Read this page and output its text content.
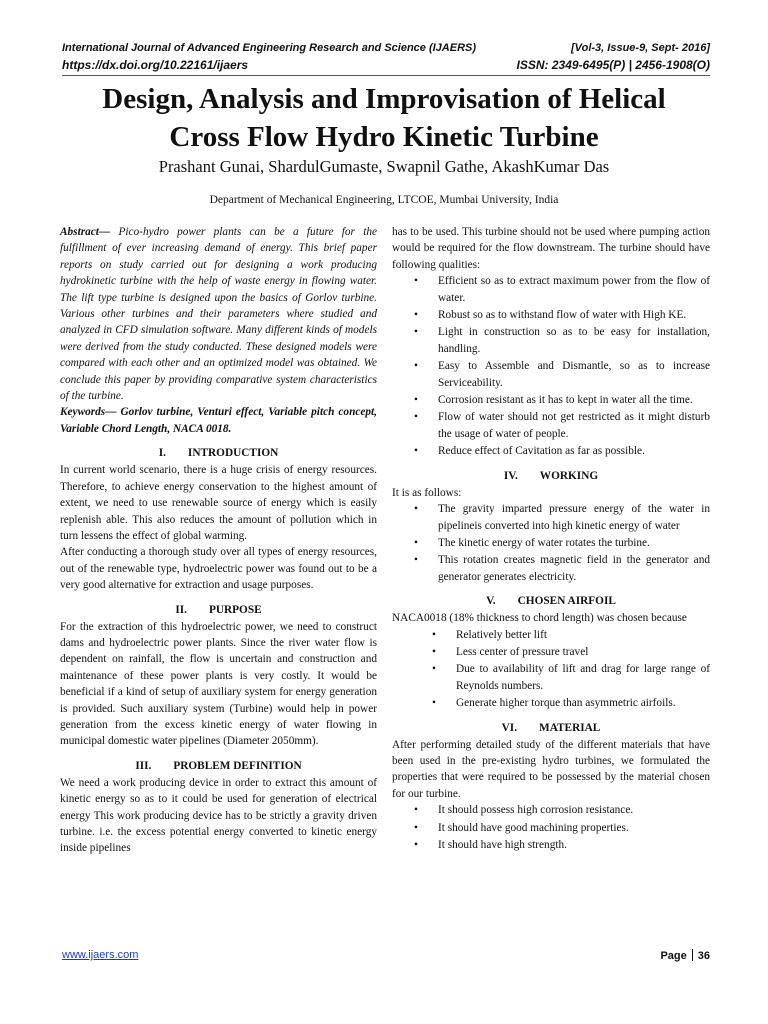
International Journal of Advanced Engineering Research and Science (IJAERS)	[Vol-3, Issue-9, Sept- 2016]
https://dx.doi.org/10.22161/ijaers	ISSN: 2349-6495(P) | 2456-1908(O)
Design, Analysis and Improvisation of Helical
Cross Flow Hydro Kinetic Turbine
Prashant Gunai, ShardulGumaste, Swapnil Gathe, AkashKumar Das
Department of Mechanical Engineering, LTCOE, Mumbai University, India

Abstract— Pico-hydro power plants can be a future for the fulfillment of ever increasing demand of energy. This brief paper reports on study carried out for designing a work producing hydrokinetic turbine with the help of waste energy in flowing water. The lift type turbine is designed upon the basics of Gorlov turbine. Various other turbines and their parameters where studied and analyzed in CFD simulation software. Many different kinds of models were derived from the study conducted. These designed models were compared with each other and an optimized model was obtained. We conclude this paper by providing comparative system characteristics of the turbine.

Keywords— Gorlov turbine, Venturi effect, Variable pitch concept, Variable Chord Length, NACA 0018.

I. INTRODUCTION

In current world scenario, there is a huge crisis of energy resources. Therefore, to achieve energy conservation to the highest amount of extent, we need to use renewable source of energy which is easily replenish able. This also reduces the amount of pollution which in turn lessens the effect of global warming.

After conducting a thorough study over all types of energy resources, out of the renewable type, hydroelectric power was found out to be a very good alternative for extraction and usage purposes.

II. PURPOSE

For the extraction of this hydroelectric power, we need to construct dams and hydroelectric power plants. Since the river water flow is dependent on rainfall, the flow is uncertain and construction and maintenance of these power plants is very costly. It would be beneficial if a kind of setup of auxiliary system for energy generation is provided. Such auxiliary system (Turbine) would help in power generation from the excess kinetic energy of water flowing in municipal domestic water pipelines (Diameter 2050mm).

III. PROBLEM DEFINITION

We need a work producing device in order to extract this amount of kinetic energy so as to it could be used for generation of electrical energy This work producing device has to be strictly a gravity driven turbine. i.e. the excess potential energy converted to kinetic energy inside pipelines

has to be used. This turbine should not be used where pumping action would be required for the flow downstream. The turbine should have following qualities:

• Efficient so as to extract maximum power from the flow of water.
• Robust so as to withstand flow of water with High KE.
• Light in construction so as to be easy for installation, handling.
• Easy to Assemble and Dismantle, so as to increase Serviceability.
• Corrosion resistant as it has to kept in water all the time.
• Flow of water should not get restricted as it might disturb the usage of water of people.
• Reduce effect of Cavitation as far as possible.

IV. WORKING

It is as follows:

• The gravity imparted pressure energy of the water in pipelineis converted into high kinetic energy of water
• The kinetic energy of water rotates the turbine.
• This rotation creates magnetic field in the generator and generator generates electricity.

V. CHOSEN AIRFOIL

NACA0018 (18% thickness to chord length) was chosen because

• Relatively better lift
• Less center of pressure travel
• Due to availability of lift and drag for large range of Reynolds numbers.
• Generate higher torque than asymmetric airfoils.

VI. MATERIAL

After performing detailed study of the different materials that have been used in the pre-existing hydro turbines, we formulated the properties that were required to be possessed by the material chosen for our turbine.

• It should possess high corrosion resistance.
• It should have good machining properties.
• It should have high strength.
www.ijaers.com	Page 36
